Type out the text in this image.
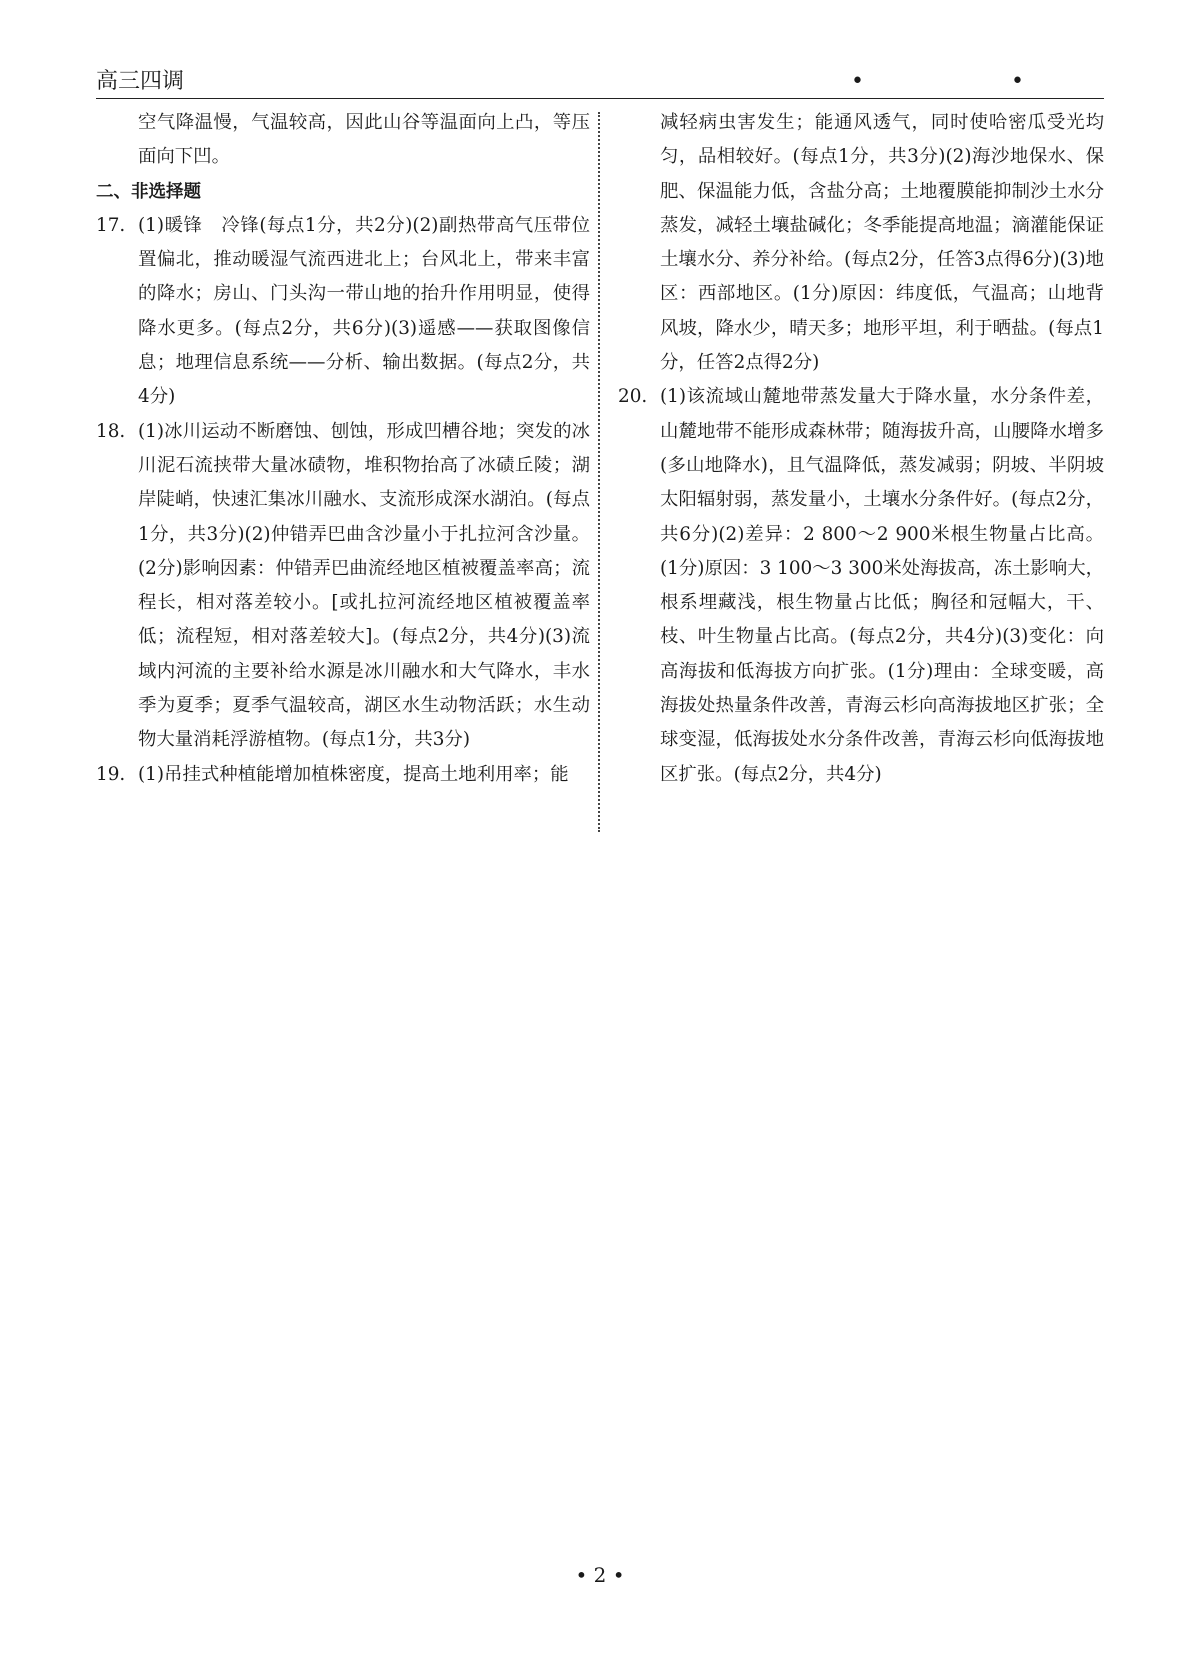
高三四调	• •

空气降温慢，气温较高，因此山谷等温面向上凸，等压面向下凹。

二、非选择题

17. (1)暖锋　冷锋(每点1分，共2分)(2)副热带高气压带位置偏北，推动暖湿气流西进北上；台风北上，带来丰富的降水；房山、门头沟一带山地的抬升作用明显，使得降水更多。(每点2分，共6分)(3)遥感——获取图像信息；地理信息系统——分析、输出数据。(每点2分，共4分)
18. (1)冰川运动不断磨蚀、刨蚀，形成凹槽谷地；突发的冰川泥石流挟带大量冰碛物，堆积物抬高了冰碛丘陵；湖岸陡峭，快速汇集冰川融水、支流形成深水湖泊。(每点1分，共3分)(2)仲错弄巴曲含沙量小于扎拉河含沙量。(2分)影响因素：仲错弄巴曲流经地区植被覆盖率高；流程长，相对落差较小。[或扎拉河流经地区植被覆盖率低；流程短，相对落差较大]。(每点2分，共4分)(3)流域内河流的主要补给水源是冰川融水和大气降水，丰水季为夏季；夏季气温较高，湖区水生动物活跃；水生动物大量消耗浮游植物。(每点1分，共3分)
19. (1)吊挂式种植能增加植株密度，提高土地利用率；能

减轻病虫害发生；能通风透气，同时使哈密瓜受光均匀，品相较好。(每点1分，共3分)(2)海沙地保水、保肥、保温能力低，含盐分高；土地覆膜能抑制沙土水分蒸发，减轻土壤盐碱化；冬季能提高地温；滴灌能保证土壤水分、养分补给。(每点2分，任答3点得6分)(3)地区：西部地区。(1分)原因：纬度低，气温高；山地背风坡，降水少，晴天多；地形平坦，利于晒盐。(每点1分，任答2点得2分)

20. (1)该流域山麓地带蒸发量大于降水量，水分条件差，山麓地带不能形成森林带；随海拔升高，山腰降水增多(多山地降水)，且气温降低，蒸发减弱；阴坡、半阴坡太阳辐射弱，蒸发量小，土壤水分条件好。(每点2分，共6分)(2)差异：2 800～2 900米根生物量占比高。(1分)原因：3 100～3 300米处海拔高，冻土影响大，根系埋藏浅，根生物量占比低；胸径和冠幅大，干、枝、叶生物量占比高。(每点2分，共4分)(3)变化：向高海拔和低海拔方向扩张。(1分)理由：全球变暖，高海拔处热量条件改善，青海云杉向高海拔地区扩张；全球变湿，低海拔处水分条件改善，青海云杉向低海拔地区扩张。(每点2分，共4分)
• 2 •
